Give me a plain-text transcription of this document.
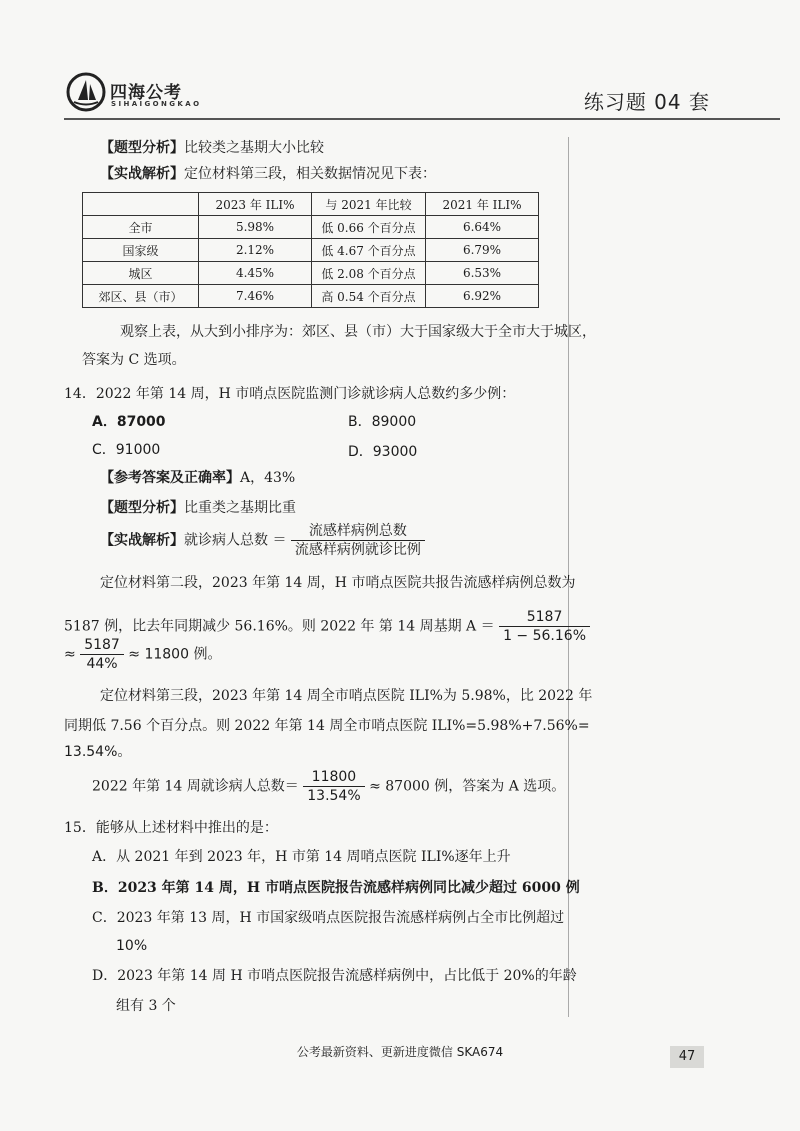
四海公考
SIHAIGONGKAO	练习题 04 套
【题型分析】比较类之基期大小比较
【实战解析】定位材料第三段，相关数据情况见下表：
	2023 年 ILI%	与 2021 年比较	2021 年 ILI%
全市	5.98%	低 0.66 个百分点	6.64%
国家级	2.12%	低 4.67 个百分点	6.79%
城区	4.45%	低 2.08 个百分点	6.53%
郊区、县（市）	7.46%	高 0.54 个百分点	6.92%
观察上表，从大到小排序为：郊区、县（市）大于国家级大于全市大于城区，
答案为 C 选项。
14．2022 年第 14 周，H 市哨点医院监测门诊就诊病人总数约多少例：
A．87000	B．89000
C．91000	D．93000
【参考答案及正确率】A，43%
【题型分析】比重类之基期比重
【实战解析】就诊病人总数 ＝ $\frac{\text{流感样病例总数}}{\text{流感样病例就诊比例}}$
定位材料第二段，2023 年第 14 周，H 市哨点医院共报告流感样病例总数为
5187 例，比去年同期减少 56.16%。则 2022 年 第 14 周基期 $A = \frac{5187}{1 - 56.16\%}$
≈ $\frac{5187}{44\%} \approx 11800$ 例。
定位材料第三段，2023 年第 14 周全市哨点医院 ILI%为 5.98%，比 2022 年
同期低 7.56 个百分点。则 2022 年第 14 周全市哨点医院 ILI%=5.98%+7.56%=
13.54%。
2022 年第 14 周就诊病人总数＝ $\frac{11800}{13.54\%} \approx 87000$ 例，答案为 A 选项。
15．能够从上述材料中推出的是：
A．从 2021 年到 2023 年，H 市第 14 周哨点医院 ILI%逐年上升
B．2023 年第 14 周，H 市哨点医院报告流感样病例同比减少超过 6000 例
C．2023 年第 13 周，H 市国家级哨点医院报告流感样病例占全市比例超过
10%
D．2023 年第 14 周 H 市哨点医院报告流感样病例中，占比低于 20%的年龄
组有 3 个
公考最新资料、更新进度微信 SKA674	47
